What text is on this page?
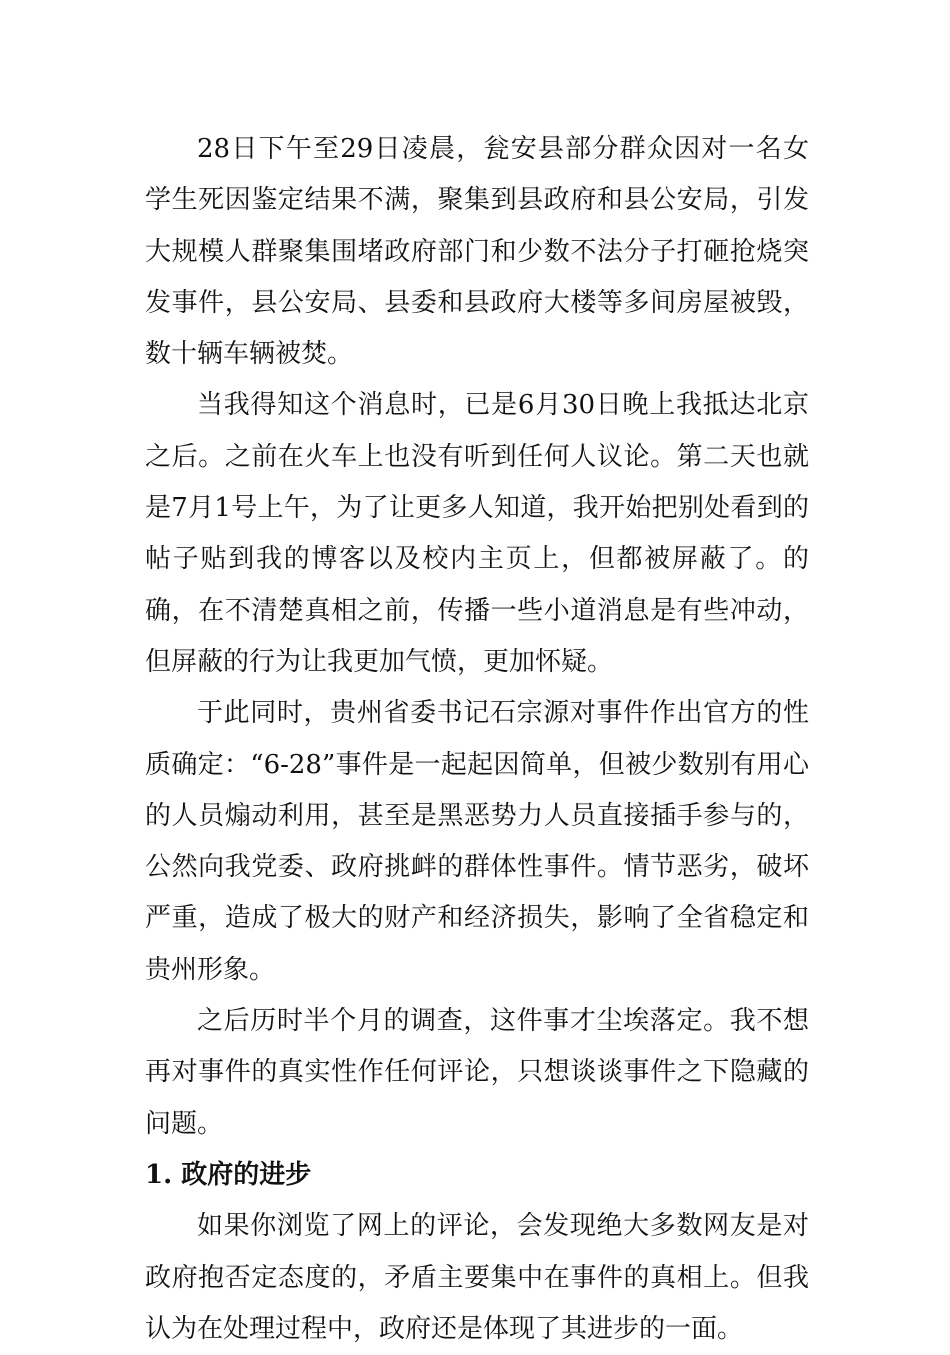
28日下午至29日凌晨，瓮安县部分群众因对一名女学生死因鉴定结果不满，聚集到县政府和县公安局，引发大规模人群聚集围堵政府部门和少数不法分子打砸抢烧突发事件，县公安局、县委和县政府大楼等多间房屋被毁，数十辆车辆被焚。

当我得知这个消息时，已是6月30日晚上我抵达北京之后。之前在火车上也没有听到任何人议论。第二天也就是7月1号上午，为了让更多人知道，我开始把别处看到的帖子贴到我的博客以及校内主页上，但都被屏蔽了。的确，在不清楚真相之前，传播一些小道消息是有些冲动，但屏蔽的行为让我更加气愤，更加怀疑。

于此同时，贵州省委书记石宗源对事件作出官方的性质确定：“6-28”事件是一起起因简单，但被少数别有用心的人员煽动利用，甚至是黑恶势力人员直接插手参与的，公然向我党委、政府挑衅的群体性事件。情节恶劣，破坏严重，造成了极大的财产和经济损失，影响了全省稳定和贵州形象。

之后历时半个月的调查，这件事才尘埃落定。我不想再对事件的真实性作任何评论，只想谈谈事件之下隐藏的问题。

1. 政府的进步

如果你浏览了网上的评论，会发现绝大多数网友是对政府抱否定态度的，矛盾主要集中在事件的真相上。但我认为在处理过程中，政府还是体现了其进步的一面。
